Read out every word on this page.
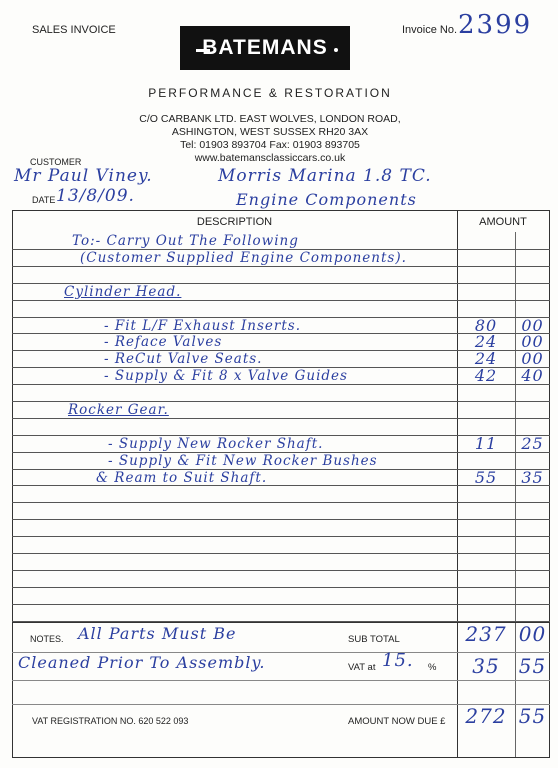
SALES INVOICE	Invoice No. 2399
BATEMANS
PERFORMANCE & RESTORATION
C/O CARBANK LTD. EAST WOLVES, LONDON ROAD,
ASHINGTON, WEST SUSSEX RH20 3AX
Tel: 01903 893704 Fax: 01903 893705
www.batemansclassiccars.co.uk
CUSTOMER
Mr Paul Viney.	Morris Marina 1.8 TC.
DATE 13/8/09.	Engine Components
DESCRIPTION	AMOUNT
To:- Carry Out The Following
(Customer Supplied Engine Components).
Cylinder Head.
- Fit L/F Exhaust Inserts.	80	00
- Reface Valves	24	00
- ReCut Valve Seats.	24	00
- Supply & Fit 8 x Valve Guides	42	40
Rocker Gear.
- Supply New Rocker Shaft.	11	25
- Supply & Fit New Rocker Bushes
& Ream to Suit Shaft.	55	35
NOTES. All Parts Must Be
Cleaned Prior To Assembly.
SUB TOTAL	237 00
VAT at 15. %	35 55
VAT REGISTRATION NO. 620 522 093	AMOUNT NOW DUE £ 272 55
